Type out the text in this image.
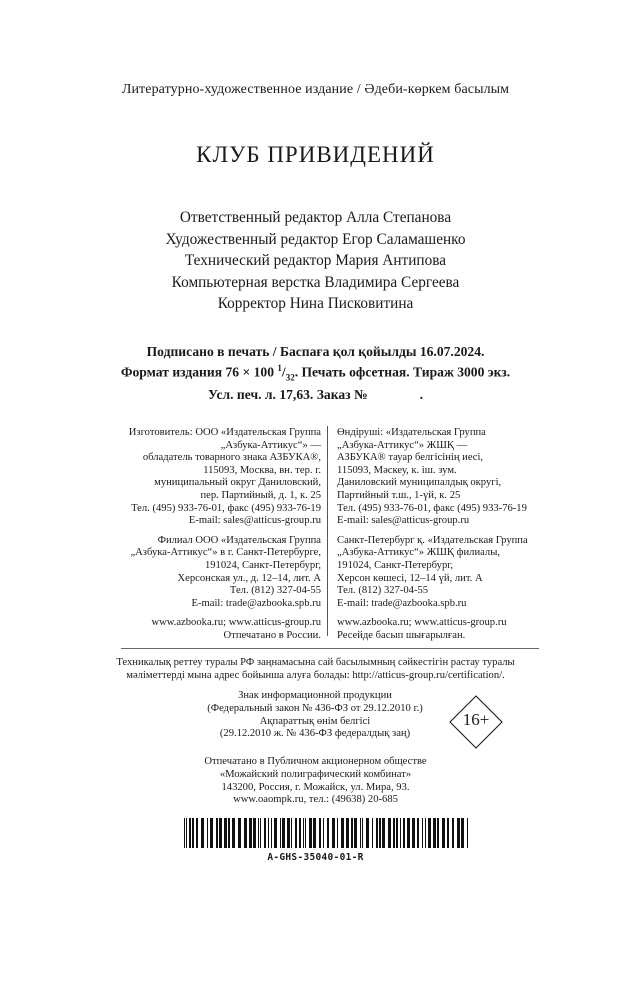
Литературно-художественное издание / Әдеби-көркем басылым
КЛУБ ПРИВИДЕНИЙ
Ответственный редактор Алла Степанова
Художественный редактор Егор Саламашенко
Технический редактор Мария Антипова
Компьютерная верстка Владимира Сергеева
Корректор Нина Писковитина
Подписано в печать / Баспаға қол қойылды 16.07.2024.
Формат издания 76 × 100 $^1/_{32}$. Печать офсетная. Тираж 3000 экз.
Усл. печ. л. 17,63. Заказ №	.
Изготовитель: ООО «Издательская Группа
„Азбука-Аттикус“» —
обладатель товарного знака АЗБУКА®,
115093, Москва, вн. тер. г.
муниципальный округ Даниловский,
пер. Партийный, д. 1, к. 25
Тел. (495) 933-76-01, факс (495) 933-76-19
E-mail: sales@atticus-group.ru
Филиал ООО «Издательская Группа
„Азбука-Аттикус“» в г. Санкт-Петербурге,
191024, Санкт-Петербург,
Херсонская ул., д. 12–14, лит. А
Тел. (812) 327-04-55
E-mail: trade@azbooka.spb.ru
www.azbooka.ru; www.atticus-group.ru
Отпечатано в России.
Өндіруші: «Издательская Группа
„Азбука-Аттикус“» ЖШҚ —
АЗБУКА® тауар белгісінің иесі,
115093, Мәскеу, к. іш. зум.
Даниловский муниципалдық округі,
Партийный т.ш., 1-үй, к. 25
Тел. (495) 933-76-01, факс (495) 933-76-19
E-mail: sales@atticus-group.ru
Санкт-Петербург қ. «Издательская Группа
„Азбука-Аттикус“» ЖШҚ филиалы,
191024, Санкт-Петербург,
Херсон көшесі, 12–14 үй, лит. А
Тел. (812) 327-04-55
E-mail: trade@azbooka.spb.ru
www.azbooka.ru; www.atticus-group.ru
Ресейде басып шығарылған.
Техникалық реттеу туралы РФ заңнамасына сай басылымның сәйкестігін растау туралы
мәліметтерді мына адрес бойынша алуға болады: http://atticus-group.ru/certification/.
Знак информационной продукции
(Федеральный закон № 436-ФЗ от 29.12.2010 г.)
Ақпараттық өнім белгісі
(29.12.2010 ж. № 436-ФЗ федералдық заң)
16+
Отпечатано в Публичном акционерном обществе
«Можайский полиграфический комбинат»
143200, Россия, г. Можайск, ул. Мира, 93.
www.oaompk.ru, тел.: (49638) 20-685
A-GHS-35040-01-R
